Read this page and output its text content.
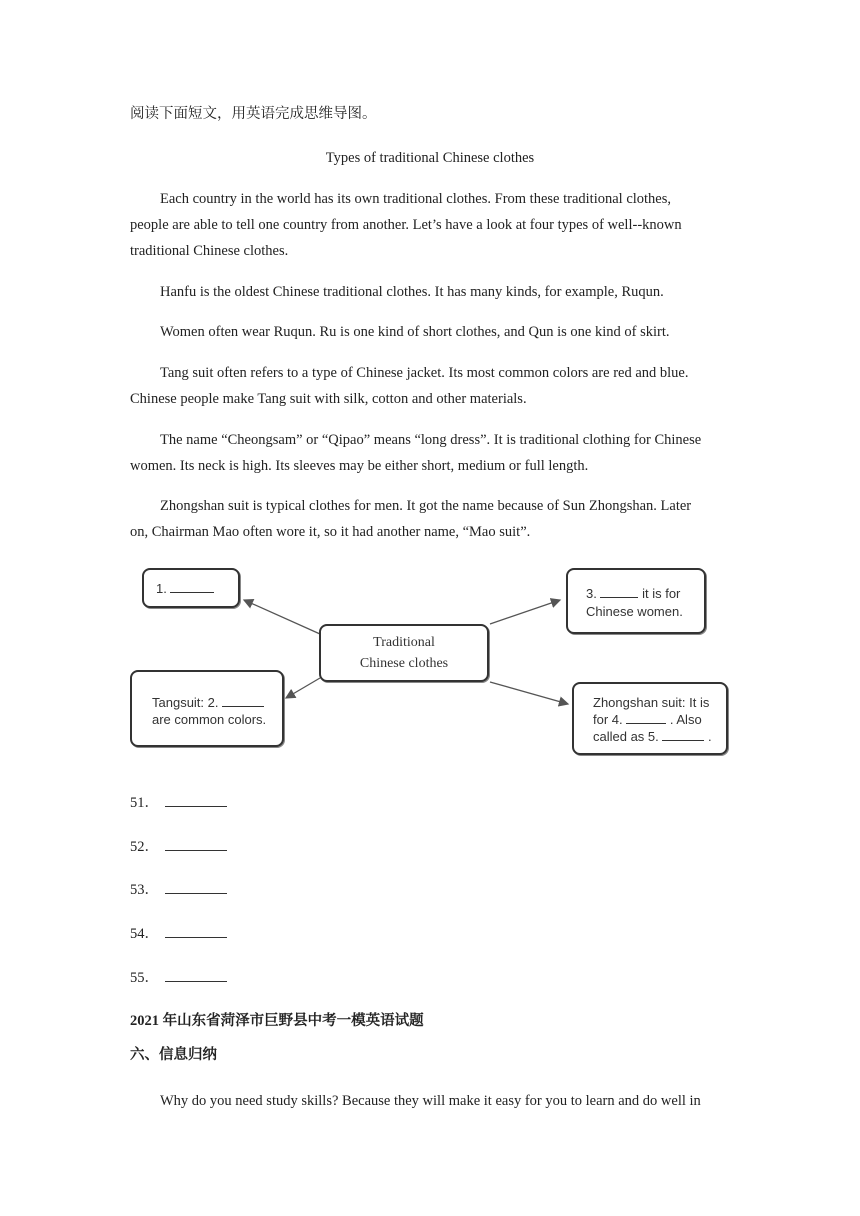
阅读下面短文，用英语完成思维导图。
Types of traditional Chinese clothes
Each country in the world has its own traditional clothes. From these traditional clothes,
people are able to tell one country from another. Let’s have a look at four types of well--known
traditional Chinese clothes.
Hanfu is the oldest Chinese traditional clothes. It has many kinds, for example, Ruqun.
Women often wear Ruqun. Ru is one kind of short clothes, and Qun is one kind of skirt.
Tang suit often refers to a type of Chinese jacket. Its most common colors are red and blue.
Chinese people make Tang suit with silk, cotton and other materials.
The name “Cheongsam” or “Qipao” means “long dress”. It is traditional clothing for Chinese
women. Its neck is high. Its sleeves may be either short, medium or full length.
Zhongshan suit is typical clothes for men. It got the name because of Sun Zhongshan. Later
on, Chairman Mao often wore it, so it had another name, “Mao suit”.
Traditional
Chinese clothes
1.	3.	it is for
Chinese women.
Tangsuit: 2.
are common colors.
Zhongshan suit: It is
for 4.	. Also
called as 5.	.
51．
52．
53．
54．
55．
2021 年山东省菏泽市巨野县中考一模英语试题
六、信息归纳
Why do you need study skills? Because they will make it easy for you to learn and do well in
